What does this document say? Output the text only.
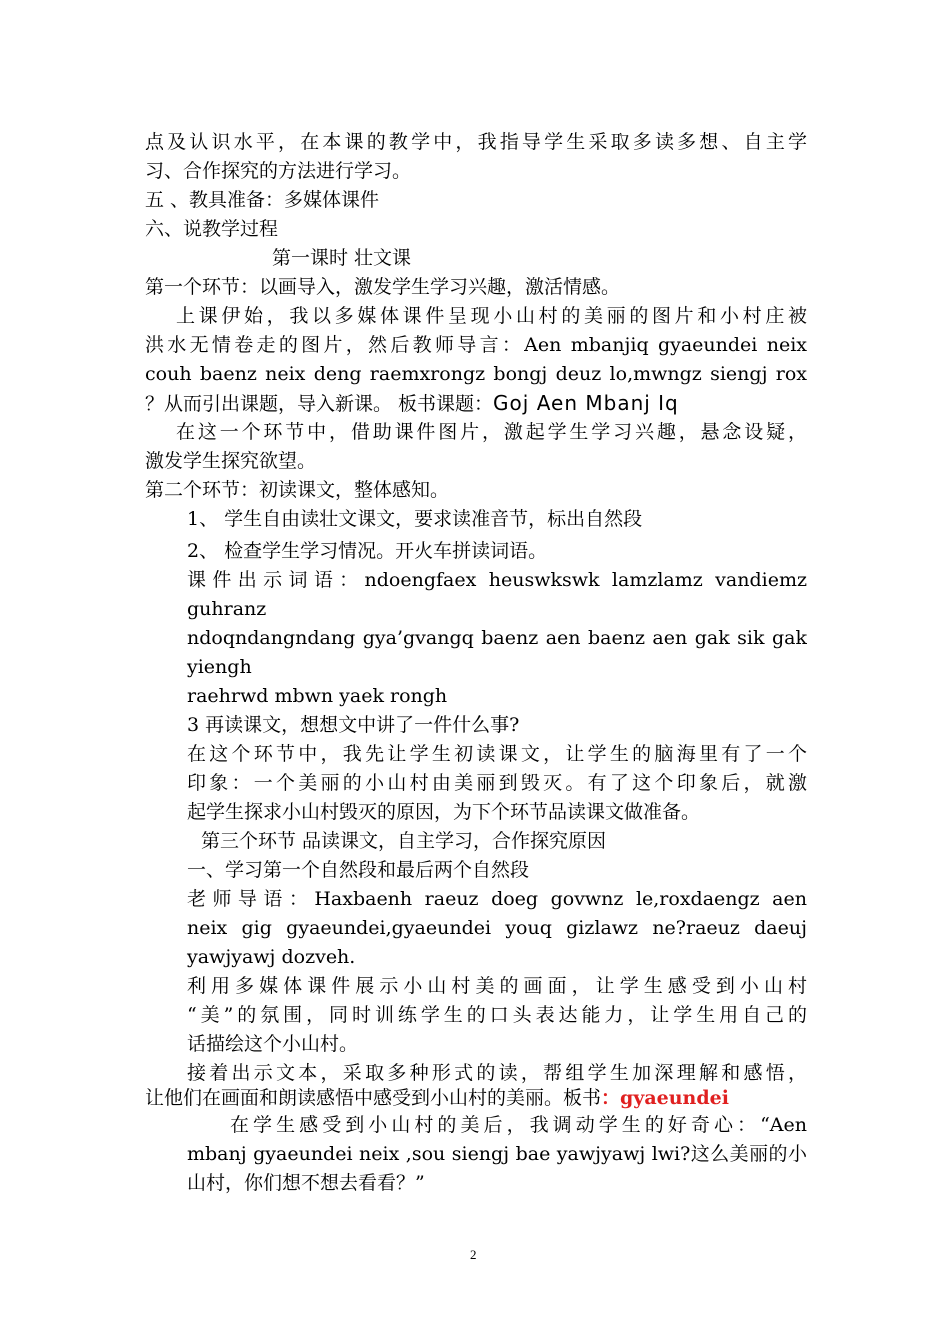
点及认识水平，在本课的教学中，我指导学生采取多读多想、自主学
习、合作探究的方法进行学习。
五 、教具准备：多媒体课件
六、说教学过程
第一课时 壮文课
第一个环节：以画导入，激发学生学习兴趣，激活情感。
上课伊始，我以多媒体课件呈现小山村的美丽的图片和小村庄被
洪水无情卷走的图片，然后教师导言：Aen mbanjiq gyaeundei neix
couh baenz neix deng raemxrongz bongj deuz lo,mwngz siengj rox
？从而引出课题，导入新课。 板书课题：Goj Aen Mbanj Iq
在这一个环节中，借助课件图片，激起学生学习兴趣，悬念设疑，
激发学生探究欲望。
第二个环节：初读课文，整体感知。
1、 学生自由读壮文课文，要求读准音节，标出自然段
2、 检查学生学习情况。开火车拼读词语。
课件出示词语：ndoengfaex heuswkswk lamzlamz vandiemz
guhranz
ndoqndangndang gya’gvangq baenz aen baenz aen gak sik gak
yiengh
raehrwd mbwn yaek rongh
3 再读课文，想想文中讲了一件什么事?
在这个环节中，我先让学生初读课文，让学生的脑海里有了一个
印象：一个美丽的小山村由美丽到毁灭。有了这个印象后，就激
起学生探求小山村毁灭的原因，为下个环节品读课文做准备。
第三个环节 品读课文，自主学习，合作探究原因
一、学习第一个自然段和最后两个自然段
老师导语：Haxbaenh raeuz doeg govwnz le,roxdaengz aen
neix gig gyaeundei,gyaeundei youq gizlawz ne?raeuz daeuj
yawjyawj dozveh.
利用多媒体课件展示小山村美的画面，让学生感受到小山村
“美”的氛围，同时训练学生的口头表达能力，让学生用自己的
话描绘这个小山村。
接着出示文本，采取多种形式的读，帮组学生加深理解和感悟，
让他们在画面和朗读感悟中感受到小山村的美丽。板书：gyaeundei
在学生感受到小山村的美后，我调动学生的好奇心：“Aen
mbanj gyaeundei neix ,sou siengj bae yawjyawj lwi?这么美丽的小
山村，你们想不想去看看？”
2
